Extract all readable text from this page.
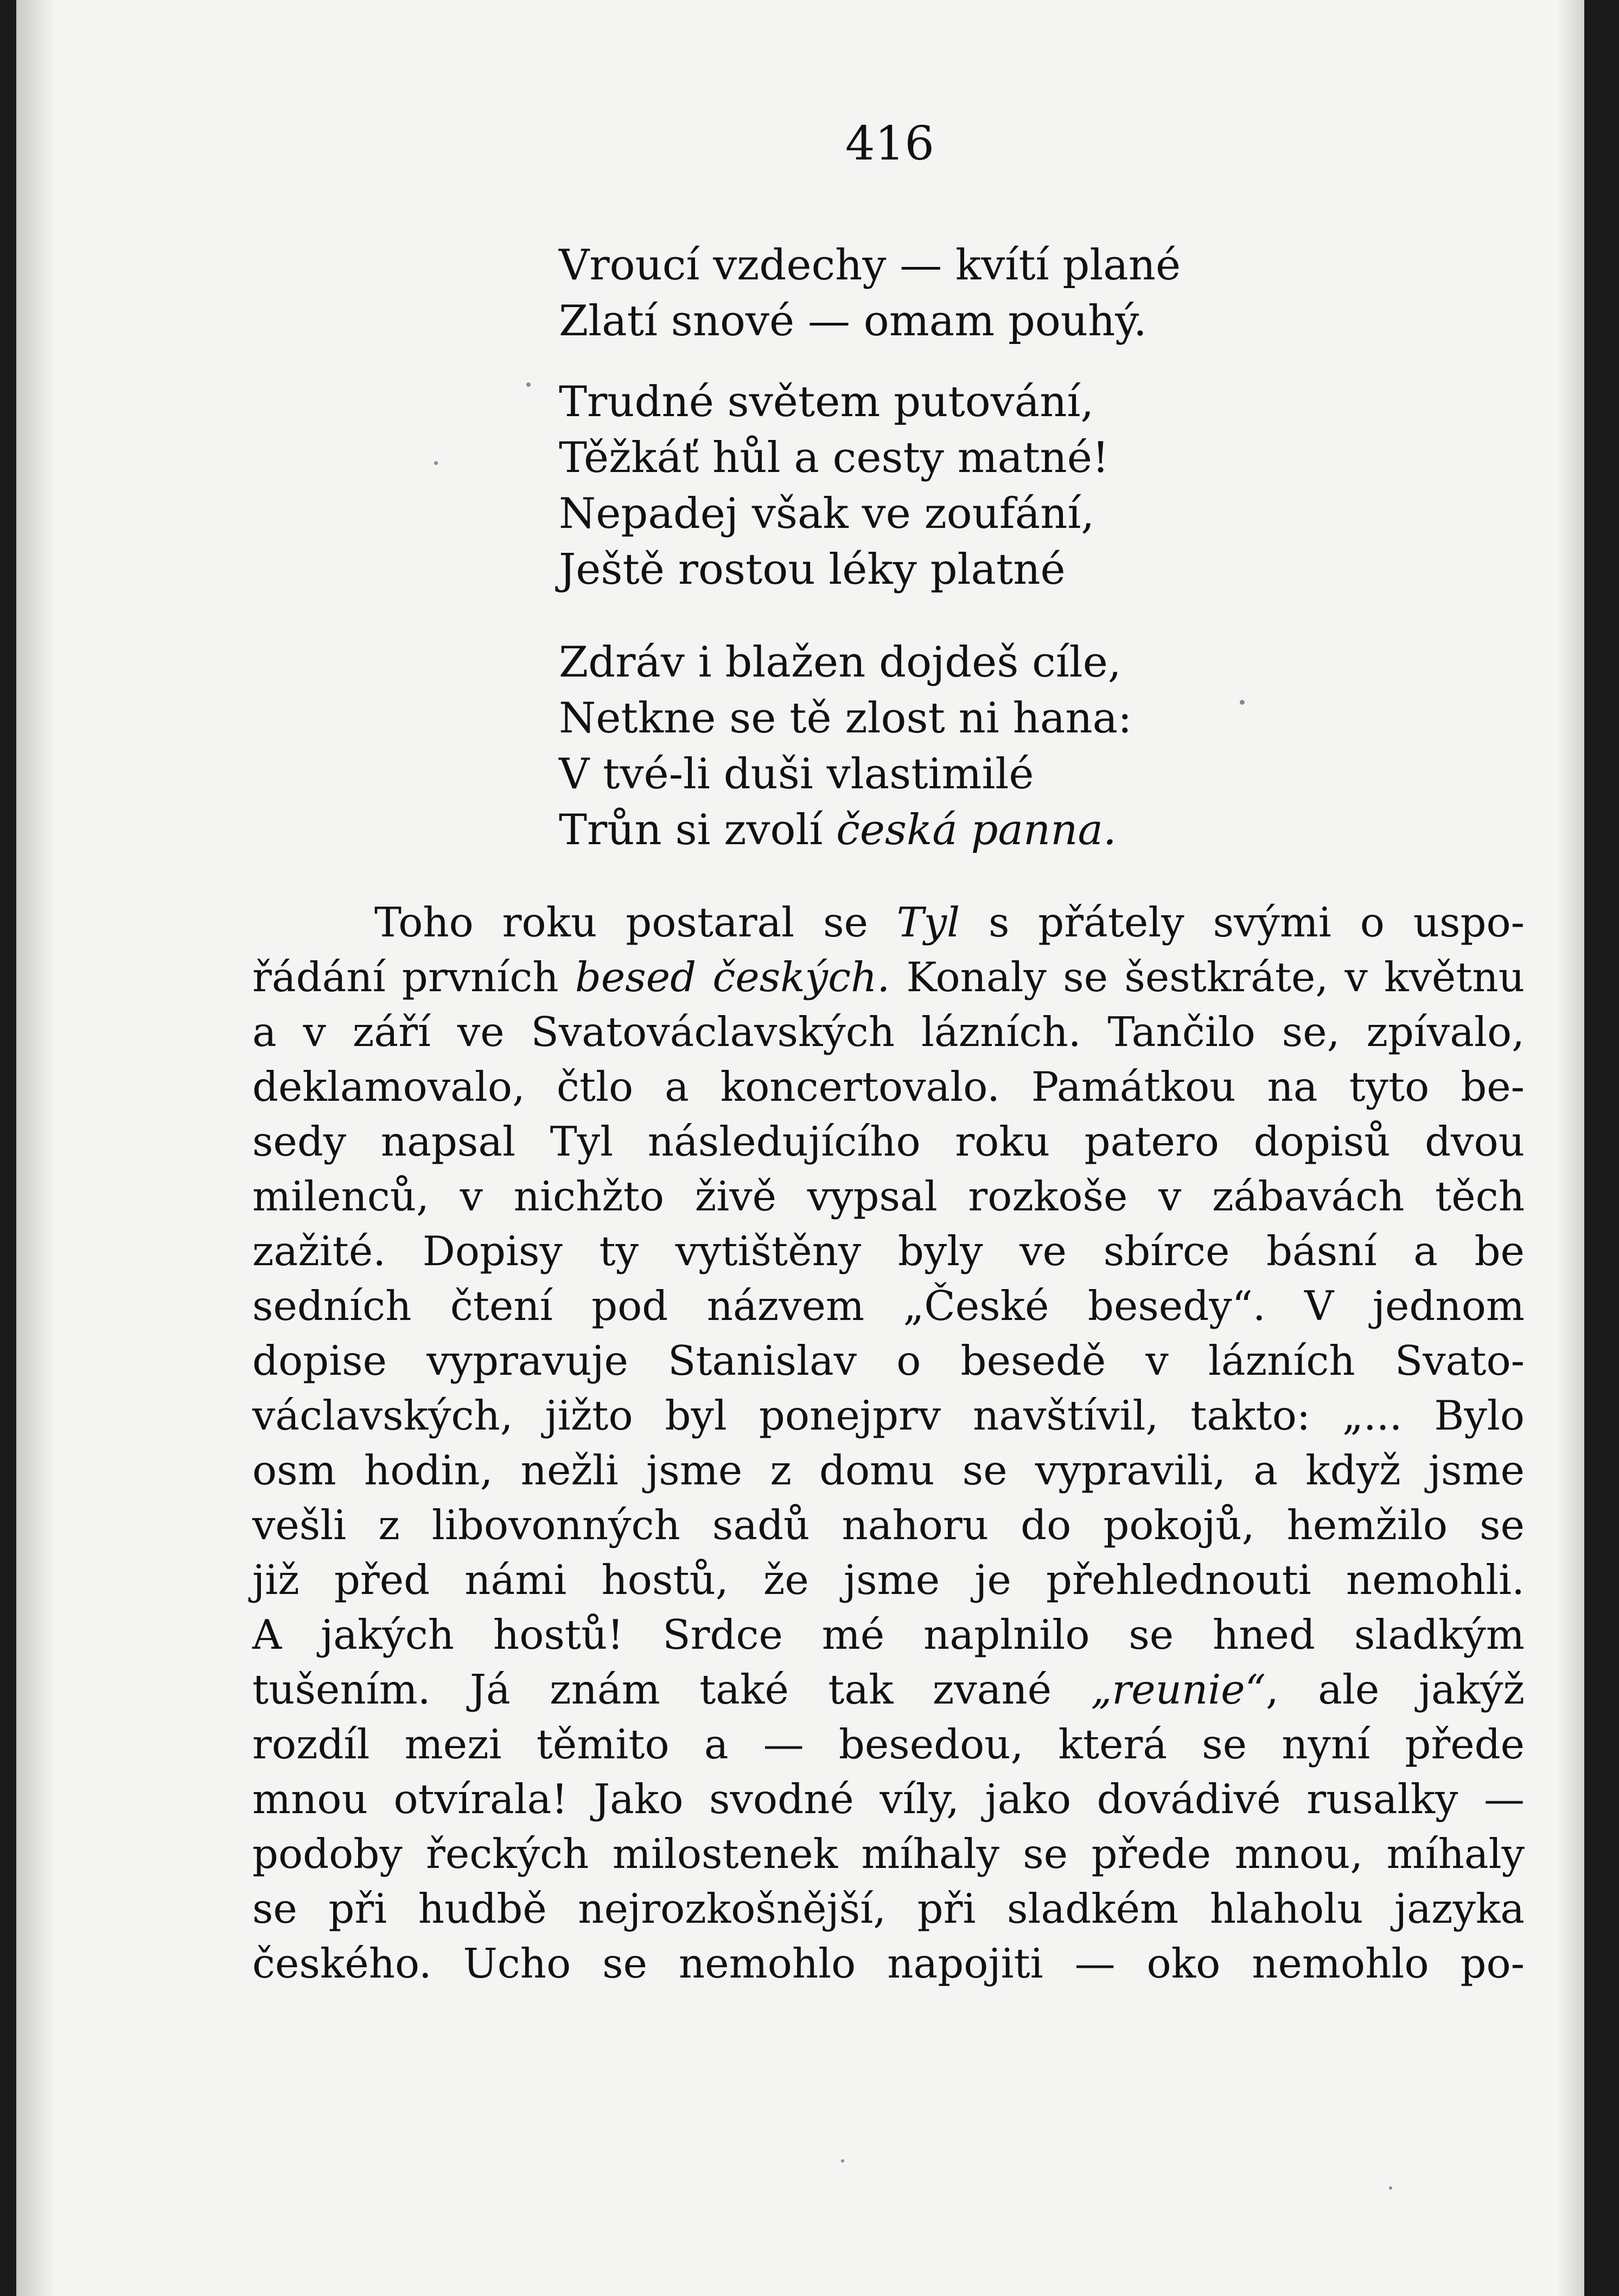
416
Vroucí vzdechy — kvítí plané
Zlatí snové — omam pouhý.
Trudné světem putování,
Těžkáť hůl a cesty matné!
Nepadej však ve zoufání,
Ještě rostou léky platné
Zdráv i blažen dojdeš cíle,
Netkne se tě zlost ni hana:
V tvé-li duši vlastimilé
Trůn si zvolí česká panna.
Toho roku postaral se Tyl s přátely svými o uspo-
řádání prvních besed českých. Konaly se šestkráte, v květnu
a v září ve Svatováclavských lázních. Tančilo se, zpívalo,
deklamovalo, čtlo a koncertovalo. Památkou na tyto be-
sedy napsal Tyl následujícího roku patero dopisů dvou
milenců, v nichžto živě vypsal rozkoše v zábavách těch
zažité. Dopisy ty vytištěny byly ve sbírce básní a be
sedních čtení pod názvem „České besedy“. V jednom
dopise vypravuje Stanislav o besedě v lázních Svato-
václavských, jižto byl ponejprv navštívil, takto: „... Bylo
osm hodin, nežli jsme z domu se vypravili, a když jsme
vešli z libovonných sadů nahoru do pokojů, hemžilo se
již před námi hostů, že jsme je přehlednouti nemohli.
A jakých hostů! Srdce mé naplnilo se hned sladkým
tušením. Já znám také tak zvané „reunie“, ale jakýž
rozdíl mezi těmito a — besedou, která se nyní přede
mnou otvírala! Jako svodné víly, jako dovádivé rusalky —
podoby řeckých milostenek míhaly se přede mnou, míhaly
se při hudbě nejrozkošnější, při sladkém hlaholu jazyka
českého. Ucho se nemohlo napojiti — oko nemohlo po-
